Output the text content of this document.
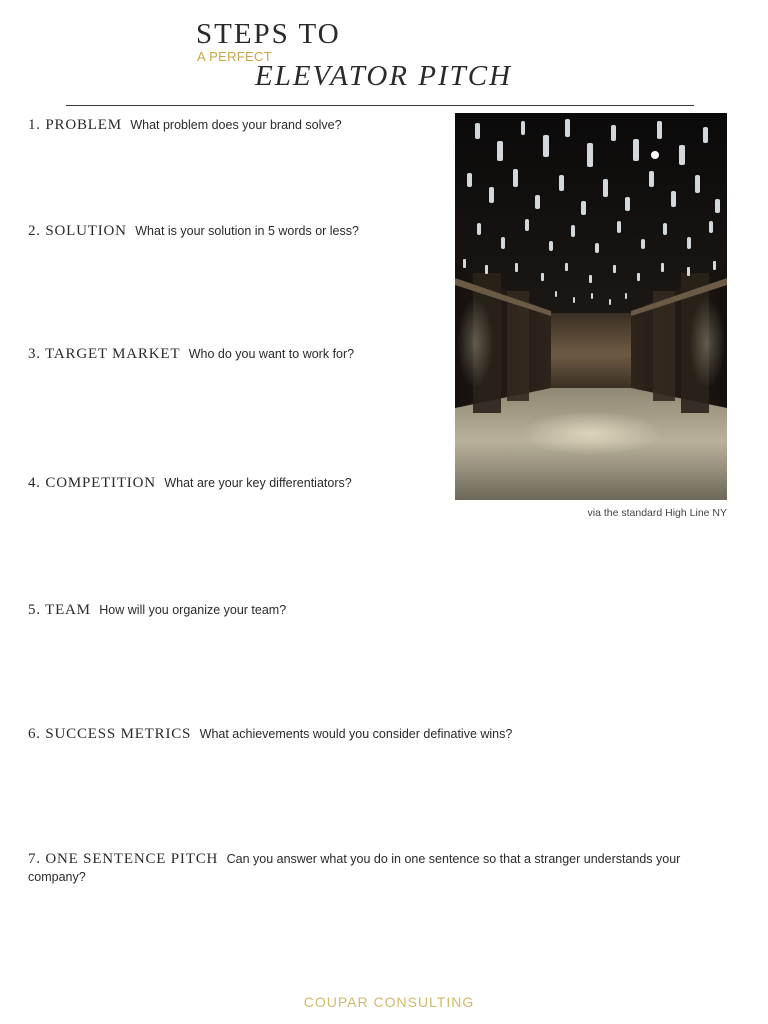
STEPS TO
A PERFECT
ELEVATOR PITCH
1. PROBLEM What problem does your brand solve?
2. SOLUTION What is your solution in 5 words or less?
3. TARGET MARKET Who do you want to work for?
4. COMPETITION What are your key differentiators?
5. TEAM How will you organize your team?
6. SUCCESS METRICS What achievements would you consider definative wins?
7. ONE SENTENCE PITCH Can you answer what you do in one sentence so that a stranger understands your company?
via the standard High Line NY
COUPAR CONSULTING
